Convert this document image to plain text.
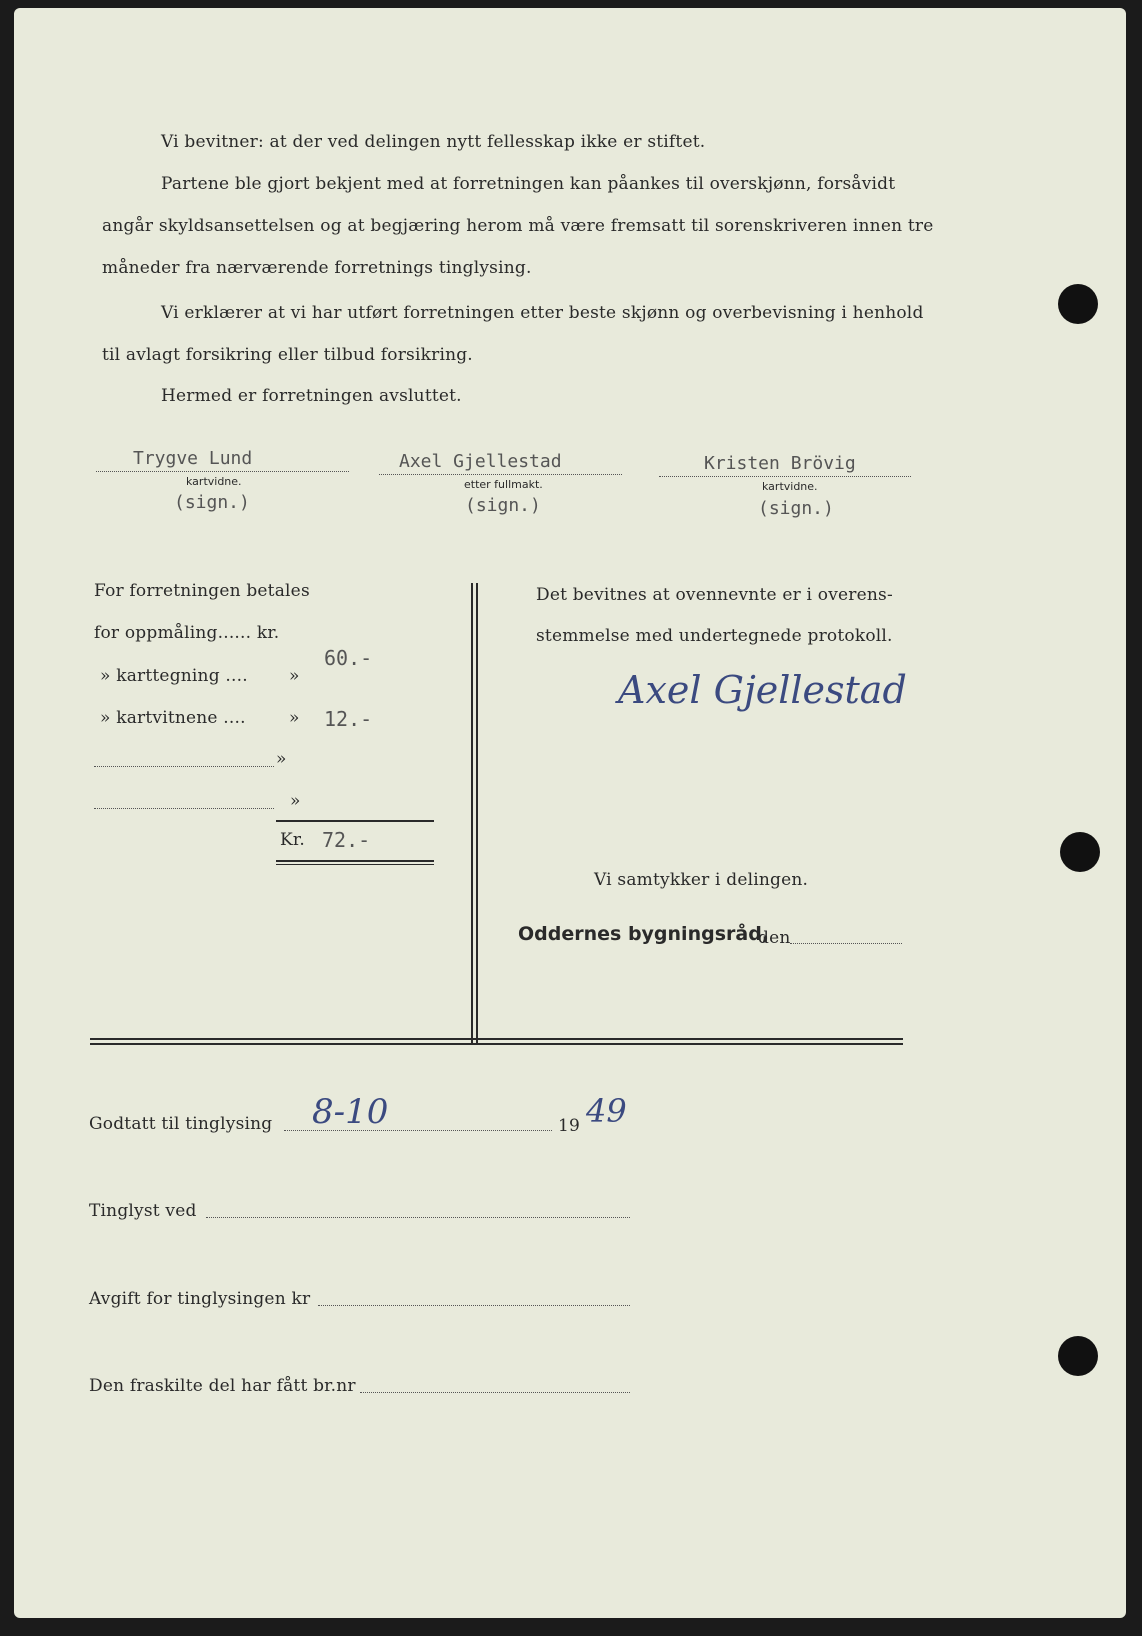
Vi bevitner: at der ved delingen nytt fellesskap ikke er stiftet.
Partene ble gjort bekjent med at forretningen kan påankes til overskjønn, forsåvidt
angår skyldsansettelsen og at begjæring herom må være fremsatt til sorenskriveren innen tre
måneder fra nærværende forretnings tinglysing.
Vi erklærer at vi har utført forretningen etter beste skjønn og overbevisning i henhold
til avlagt forsikring eller tilbud forsikring.
Hermed er forretningen avsluttet.
Trygve Lund
kartvidne.
(sign.)
Axel Gjellestad
etter fullmakt.
(sign.)
Kristen Brövig
kartvidne.
(sign.)
For forretningen betales
for oppmåling...... kr.
60.-
» karttegning .... »
» kartvitnene ....	» 12.-
»
»
Kr. 72.-
Det bevitnes at ovennevnte er i overens-
stemmelse med undertegnede protokoll.
Axel Gjellestad
Vi samtykker i delingen.
Oddernes bygningsråd,
den
Godtatt til tinglysing 8-10	19 49
Tinglyst ved
Avgift for tinglysingen kr
Den fraskilte del har fått br.nr
